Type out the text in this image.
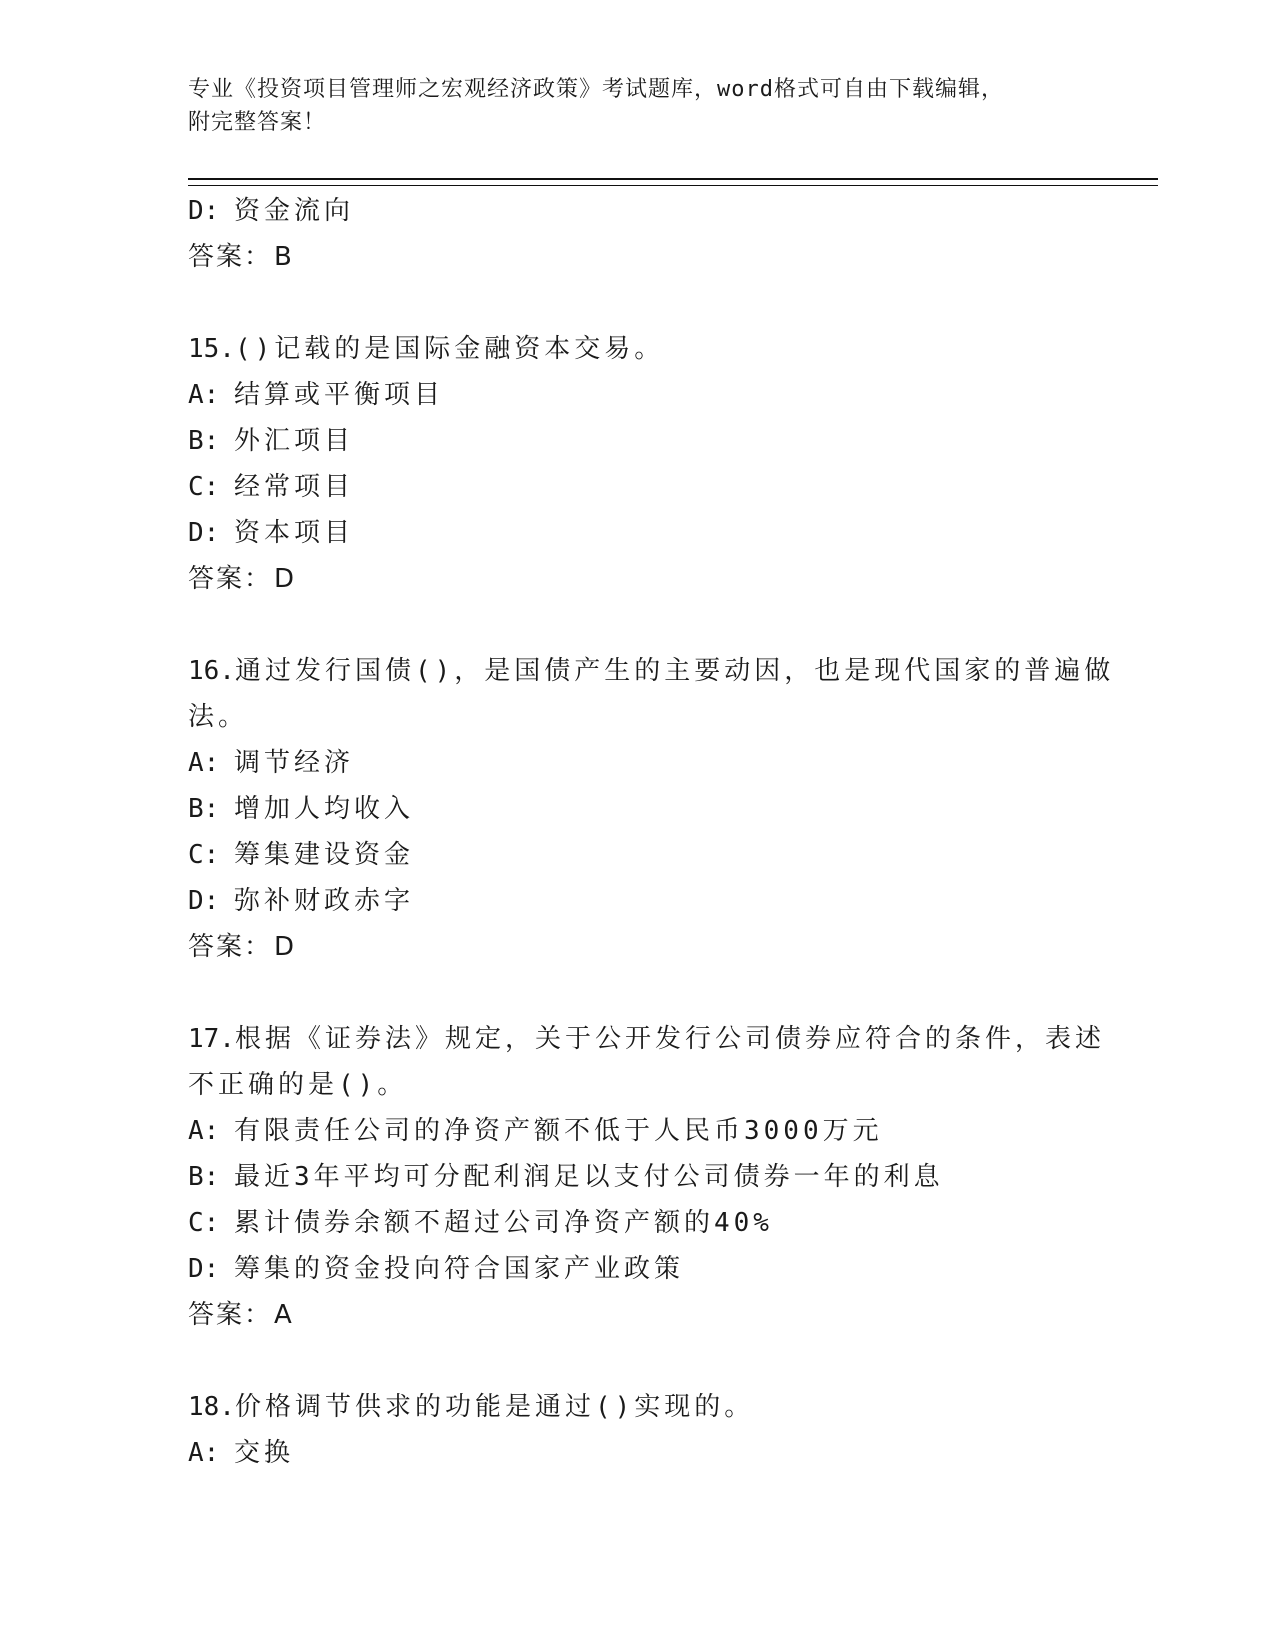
专业《投资项目管理师之宏观经济政策》考试题库，word格式可自由下载编辑，
附完整答案！
D: 资金流向
答案：B
15.()记载的是国际金融资本交易。
A: 结算或平衡项目
B: 外汇项目
C: 经常项目
D: 资本项目
答案：D
16.通过发行国债()，是国债产生的主要动因，也是现代国家的普遍做
法。
A: 调节经济
B: 增加人均收入
C: 筹集建设资金
D: 弥补财政赤字
答案：D
17.根据《证券法》规定，关于公开发行公司债券应符合的条件，表述
不正确的是()。
A: 有限责任公司的净资产额不低于人民币3000万元
B: 最近3年平均可分配利润足以支付公司债券一年的利息
C: 累计债券余额不超过公司净资产额的40%
D: 筹集的资金投向符合国家产业政策
答案：A
18.价格调节供求的功能是通过()实现的。
A: 交换
